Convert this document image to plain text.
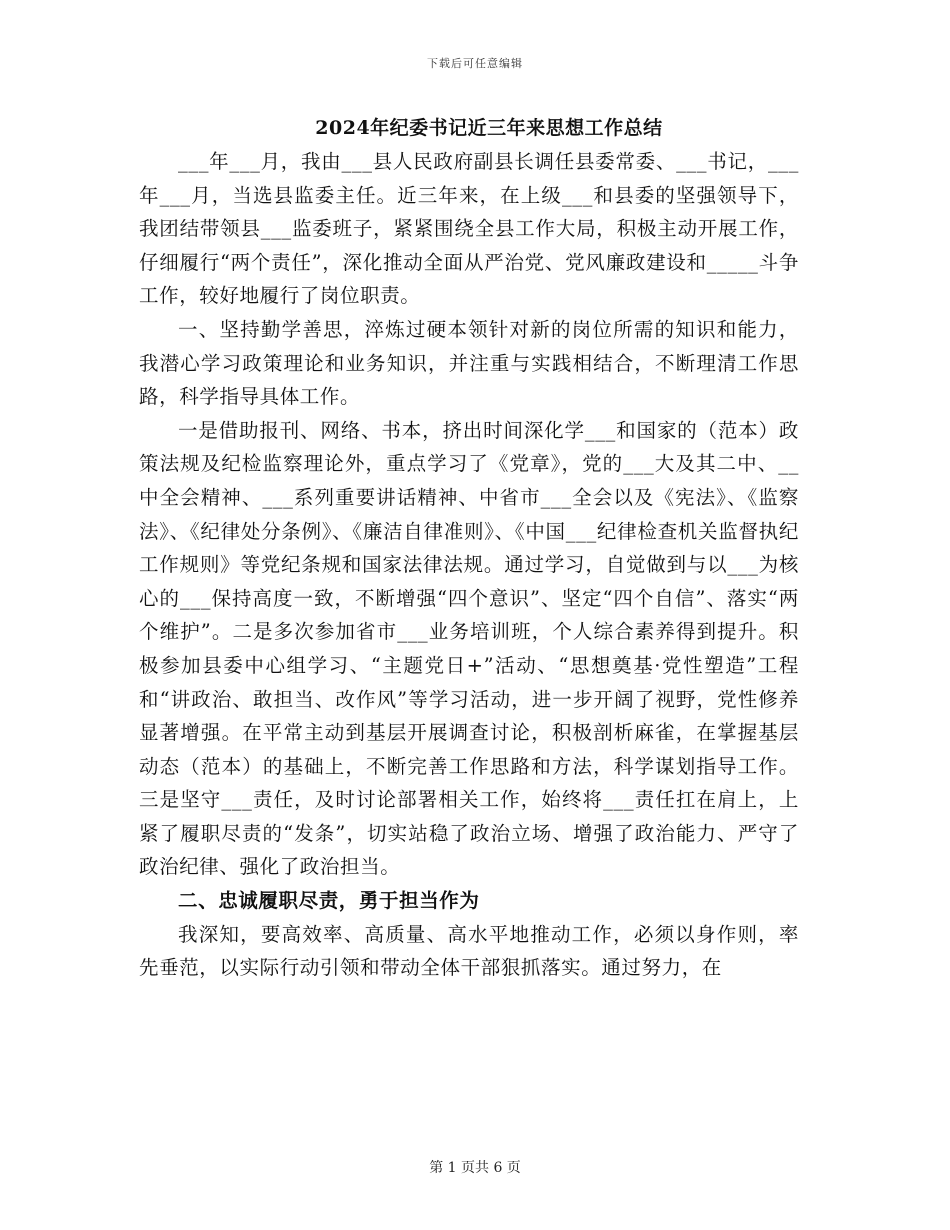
下载后可任意编辑
2024年纪委书记近三年来思想工作总结

___年___月，我由___县人民政府副县长调任县委常委、___书记，___年___月，当选县监委主任。近三年来，在上级___和县委的坚强领导下，我团结带领县___监委班子，紧紧围绕全县工作大局，积极主动开展工作，仔细履行“两个责任”，深化推动全面从严治党、党风廉政建设和_____斗争工作，较好地履行了岗位职责。

一、坚持勤学善思，淬炼过硬本领针对新的岗位所需的知识和能力，我潜心学习政策理论和业务知识，并注重与实践相结合，不断理清工作思路，科学指导具体工作。

一是借助报刊、网络、书本，挤出时间深化学___和国家的（范本）政策法规及纪检监察理论外，重点学习了《党章》，党的___大及其二中、__中全会精神、___系列重要讲话精神、中省市___全会以及《宪法》、《监察法》、《纪律处分条例》、《廉洁自律准则》、《中国___纪律检查机关监督执纪工作规则》等党纪条规和国家法律法规。通过学习，自觉做到与以___为核心的___保持高度一致，不断增强“四个意识”、坚定“四个自信”、落实“两个维护”。二是多次参加省市___业务培训班，个人综合素养得到提升。积极参加县委中心组学习、“主题党日+”活动、“思想奠基·党性塑造”工程和“讲政治、敢担当、改作风”等学习活动，进一步开阔了视野，党性修养显著增强。在平常主动到基层开展调查讨论，积极剖析麻雀，在掌握基层动态（范本）的基础上，不断完善工作思路和方法，科学谋划指导工作。三是坚守___责任，及时讨论部署相关工作，始终将___责任扛在肩上，上紧了履职尽责的“发条”，切实站稳了政治立场、增强了政治能力、严守了政治纪律、强化了政治担当。

二、忠诚履职尽责，勇于担当作为

我深知，要高效率、高质量、高水平地推动工作，必须以身作则，率先垂范，以实际行动引领和带动全体干部狠抓落实。通过努力，在

第 1 页共 6 页
